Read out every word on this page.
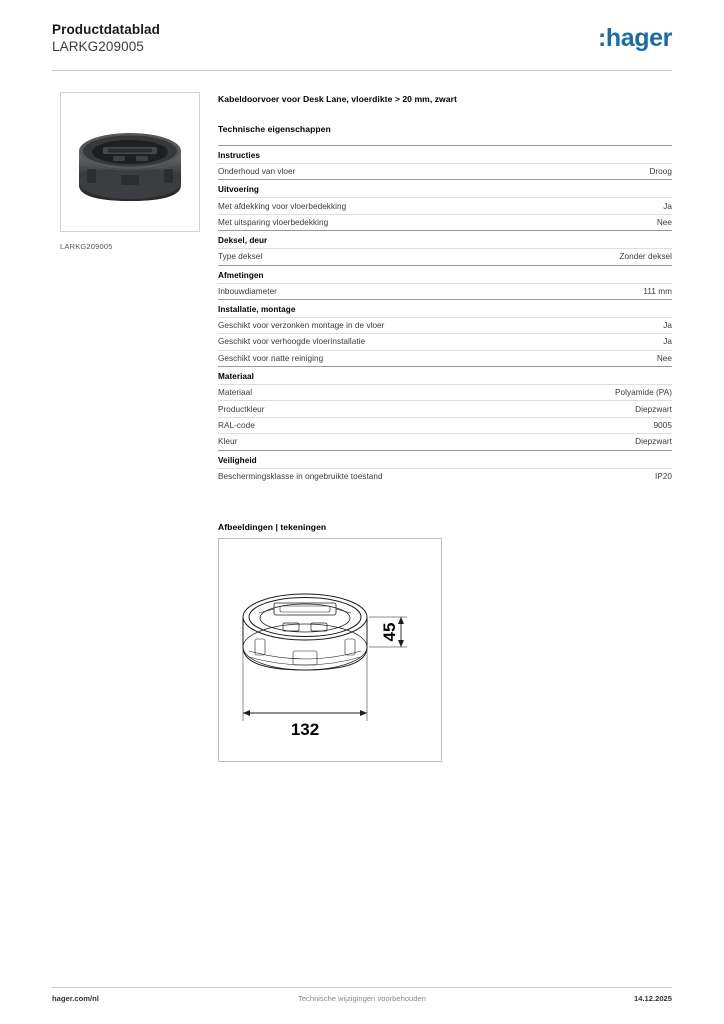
Productdatablad
LARKG209005	:hager
LARKG209005
Kabeldoorvoer voor Desk Lane, vloerdikte > 20 mm, zwart
Technische eigenschappen
Instructies
Onderhoud van vloer	Droog
Uitvoering
Met afdekking voor vloerbedekking	Ja
Met uitsparing vloerbedekking	Nee
Deksel, deur
Type deksel	Zonder deksel
Afmetingen
Inbouwdiameter	111 mm
Installatie, montage
Geschikt voor verzonken montage in de vloer	Ja
Geschikt voor verhoogde vloerinstallatie	Ja
Geschikt voor natte reiniging	Nee
Materiaal
Materiaal	Polyamide (PA)
Productkleur	Diepzwart
RAL-code	9005
Kleur	Diepzwart
Veiligheid
Beschermingsklasse in ongebruikte toestand	IP20
Afbeeldingen | tekeningen
45
132
hager.com/nl	Technische wijzigingen voorbehouden	14.12.2025
